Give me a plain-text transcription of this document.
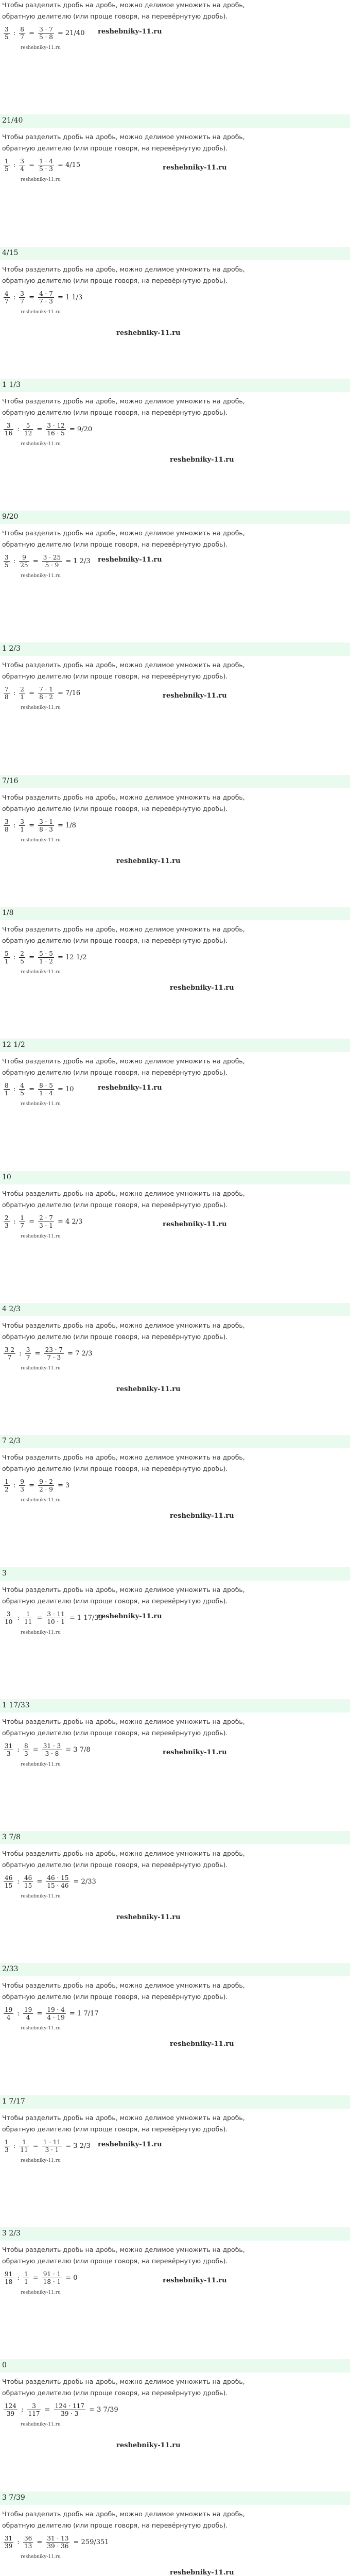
Чтобы разделить дробь на дробь, можно делимое умножить на дробь,
обратную делителю (или проще говоря, на перевёрнутую дробь).
$\frac{3}{5}$ : $\frac{8}{7} = \frac{3 \cdot 7}{5 \cdot 8} = 21/40$ reshebniky-11.ru
reshebniky-11.ru
21/40
Чтобы разделить дробь на дробь, можно делимое умножить на дробь,
обратную делителю (или проще говоря, на перевёрнутую дробь).
$\frac{1}{5}$ : $\frac{3}{4} = \frac{1 \cdot 4}{5 \cdot 3} = 4/15$	reshebniky-11.ru
reshebniky-11.ru
4/15
Чтобы разделить дробь на дробь, можно делимое умножить на дробь,
обратную делителю (или проще говоря, на перевёрнутую дробь).
$\frac{4}{7}$ : $\frac{3}{7} = \frac{4 \cdot 7}{7 \cdot 3} = 1$ 1/3
reshebniky-11.ru
reshebniky-11.ru
1 1/3
Чтобы разделить дробь на дробь, можно делимое умножить на дробь,
обратную делителю (или проще говоря, на перевёрнутую дробь).
$\frac{3}{16}$ : $\frac{5}{12} = \frac{3 \cdot 12}{16 \cdot 5} = 9/20$
reshebniky-11.ru
reshebniky-11.ru
9/20
Чтобы разделить дробь на дробь, можно делимое умножить на дробь,
обратную делителю (или проще говоря, на перевёрнутую дробь).
$\frac{3}{5}$ : $\frac{9}{25} = \frac{3 \cdot 25}{5 \cdot 9} = 1$ 2/3 reshebniky-11.ru
reshebniky-11.ru
1 2/3
Чтобы разделить дробь на дробь, можно делимое умножить на дробь,
обратную делителю (или проще говоря, на перевёрнутую дробь).
$\frac{7}{8}$ : $\frac{2}{1} = \frac{7 \cdot 1}{8 \cdot 2} = 7/16$	reshebniky-11.ru
reshebniky-11.ru
7/16
Чтобы разделить дробь на дробь, можно делимое умножить на дробь,
обратную делителю (или проще говоря, на перевёрнутую дробь).
$\frac{3}{8}$ : $\frac{3}{1} = \frac{3 \cdot 1}{8 \cdot 3} = 1/8$
reshebniky-11.ru
reshebniky-11.ru
1/8
Чтобы разделить дробь на дробь, можно делимое умножить на дробь,
обратную делителю (или проще говоря, на перевёрнутую дробь).
$\frac{5}{1}$ : $\frac{2}{5} = \frac{5 \cdot 5}{1 \cdot 2} = 12$ 1/2
reshebniky-11.ru
reshebniky-11.ru
12 1/2
Чтобы разделить дробь на дробь, можно делимое умножить на дробь,
обратную делителю (или проще говоря, на перевёрнутую дробь).
$\frac{8}{1}$ : $\frac{4}{5} = \frac{8 \cdot 5}{1 \cdot 4} = 10$	reshebniky-11.ru
reshebniky-11.ru
10
Чтобы разделить дробь на дробь, можно делимое умножить на дробь,
обратную делителю (или проще говоря, на перевёрнутую дробь).
$\frac{2}{3}$ : $\frac{1}{7} = \frac{2 \cdot 7}{3 \cdot 1} = 4$ 2/3	reshebniky-11.ru
reshebniky-11.ru
4 2/3
Чтобы разделить дробь на дробь, можно делимое умножить на дробь,
обратную делителю (или проще говоря, на перевёрнутую дробь).
$\frac{3 2}{7}$ : $\frac{3}{7} = \frac{23 \cdot 7}{7 \cdot 3} = 7$ 2/3
reshebniky-11.ru
reshebniky-11.ru
7 2/3
Чтобы разделить дробь на дробь, можно делимое умножить на дробь,
обратную делителю (или проще говоря, на перевёрнутую дробь).
$\frac{1}{2}$ : $\frac{9}{3} = \frac{9 \cdot 2}{2 \cdot 9} = 3$
reshebniky-11.ru
reshebniky-11.ru
3
Чтобы разделить дробь на дробь, можно делимое умножить на дробь,
обратную делителю (или проще говоря, на перевёрнутую дробь).
$\frac{3}{10}$ : $\frac{1}{11} = \frac{3 \cdot 11}{10 \cdot 1} = 1$ 17/33
reshebniky-11.ru
reshebniky-11.ru
1 17/33
Чтобы разделить дробь на дробь, можно делимое умножить на дробь,
обратную делителю (или проще говоря, на перевёрнутую дробь).
$\frac{31}{3}$ : $\frac{8}{3} = \frac{31 \cdot 3}{3 \cdot 8} = 3$ 7/8	reshebniky-11.ru
reshebniky-11.ru
3 7/8
Чтобы разделить дробь на дробь, можно делимое умножить на дробь,
обратную делителю (или проще говоря, на перевёрнутую дробь).
$\frac{46}{15}$ : $\frac{46}{15} = \frac{46 \cdot 15}{15 \cdot 46} = 2/33$
reshebniky-11.ru
reshebniky-11.ru
2/33
Чтобы разделить дробь на дробь, можно делимое умножить на дробь,
обратную делителю (или проще говоря, на перевёрнутую дробь).
$\frac{19}{4}$ : $\frac{19}{4} = \frac{19 \cdot 4}{4 \cdot 19} = 1$ 7/17
reshebniky-11.ru
reshebniky-11.ru
1 7/17
Чтобы разделить дробь на дробь, можно делимое умножить на дробь,
обратную делителю (или проще говоря, на перевёрнутую дробь).
$\frac{1}{3}$ : $\frac{1}{11} = \frac{1 \cdot 11}{3 \cdot 1} = 3$ 2/3 reshebniky-11.ru
reshebniky-11.ru
3 2/3
Чтобы разделить дробь на дробь, можно делимое умножить на дробь,
обратную делителю (или проще говоря, на перевёрнутую дробь).
$\frac{91}{18}$ : $\frac{1}{1} = \frac{91 \cdot 1}{18 \cdot 1} = 0$	reshebniky-11.ru
reshebniky-11.ru
0
Чтобы разделить дробь на дробь, можно делимое умножить на дробь,
обратную делителю (или проще говоря, на перевёрнутую дробь).
$\frac{124}{39}$ : $\frac{3}{117} = \frac{124 \cdot 117}{39 \cdot 3} = 3$ 7/39
reshebniky-11.ru
reshebniky-11.ru
3 7/39
Чтобы разделить дробь на дробь, можно делимое умножить на дробь,
обратную делителю (или проще говоря, на перевёрнутую дробь).
$\frac{31}{39}$ : $\frac{36}{13} = \frac{31 \cdot 13}{39 \cdot 36} = 259/351$
reshebniky-11.ru
reshebniky-11.ru
